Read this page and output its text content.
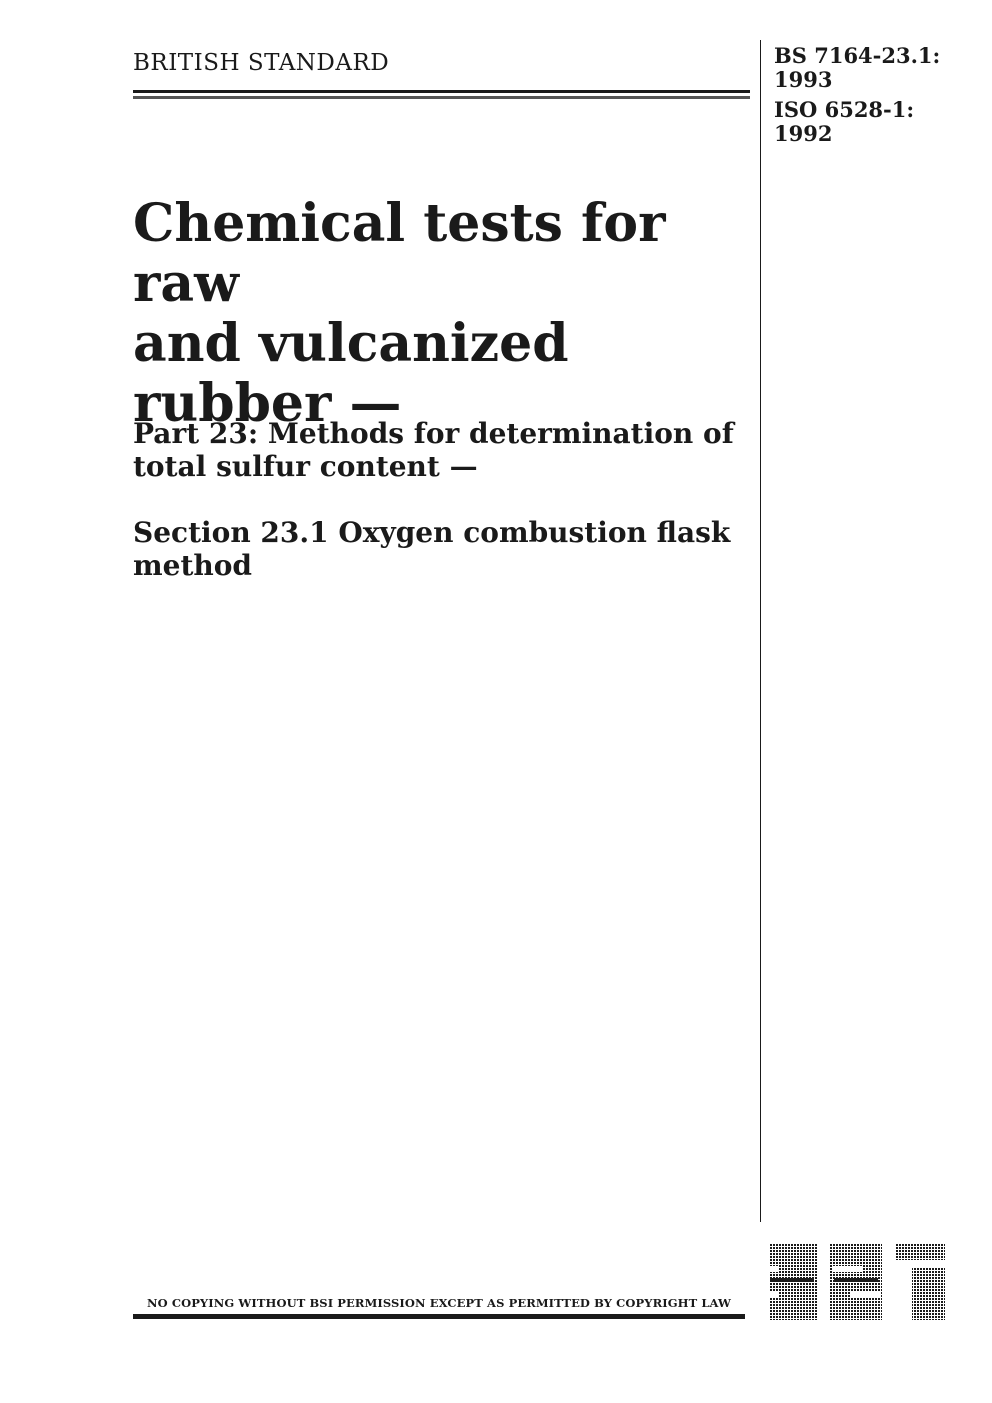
BRITISH STANDARD	BS 7164-23.1:
1993
ISO 6528-1:
1992
Chemical tests for raw
and vulcanized
rubber —
Part 23: Methods for determination of
total sulfur content —
Section 23.1 Oxygen combustion flask
method
NO COPYING WITHOUT BSI PERMISSION EXCEPT AS PERMITTED BY COPYRIGHT LAW
